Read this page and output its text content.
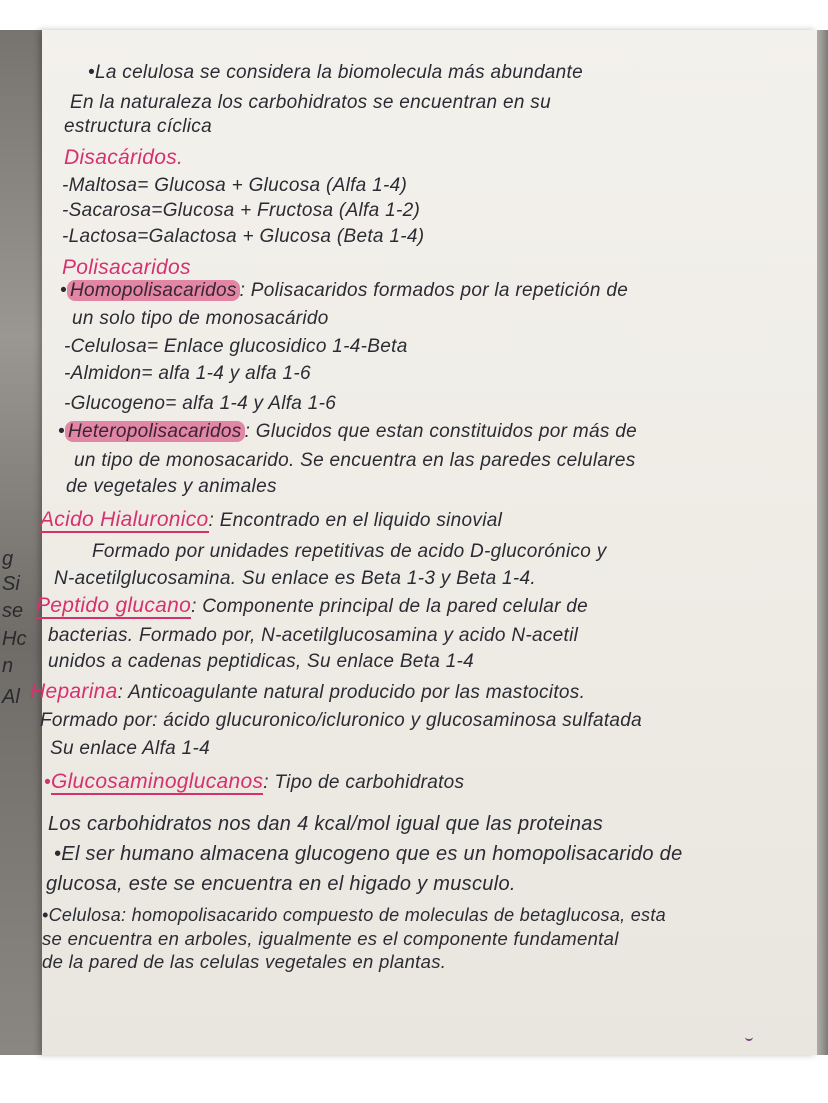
g
Si
se
Hc
n
Al
•La celulosa se considera la biomolecula más abundante
En la naturaleza los carbohidratos se encuentran en su
estructura cíclica
Disacáridos.
-Maltosa= Glucosa + Glucosa (Alfa 1-4)
-Sacarosa=Glucosa + Fructosa (Alfa 1-2)
-Lactosa=Galactosa + Glucosa (Beta 1-4)
Polisacaridos
• Homopolisacaridos : Polisacaridos formados por la repetición de
un solo tipo de monosacárido
-Celulosa= Enlace glucosidico 1-4-Beta
-Almidon= alfa 1-4 y alfa 1-6
-Glucogeno= alfa 1-4 y Alfa 1-6
• Heteropolisacaridos : Glucidos que estan constituidos por más de
un tipo de monosacarido. Se encuentra en las paredes celulares
de vegetales y animales
Acido Hialuronico: Encontrado en el liquido sinovial
Formado por unidades repetitivas de acido D-glucorónico y
N-acetilglucosamina. Su enlace es Beta 1-3 y Beta 1-4.
Peptido glucano: Componente principal de la pared celular de
bacterias. Formado por, N-acetilglucosamina y acido N-acetil
unidos a cadenas peptidicas, Su enlace Beta 1-4
Heparina: Anticoagulante natural producido por las mastocitos.
Formado por: ácido glucuronico/icluronico y glucosaminosa sulfatada
Su enlace Alfa 1-4
•Glucosaminoglucanos: Tipo de carbohidratos
Los carbohidratos nos dan 4 kcal/mol igual que las proteinas
•El ser humano almacena glucogeno que es un homopolisacarido de
glucosa, este se encuentra en el higado y musculo.
•Celulosa: homopolisacarido compuesto de moleculas de betaglucosa, esta
se encuentra en arboles, igualmente es el componente fundamental
de la pared de las celulas vegetales en plantas.
